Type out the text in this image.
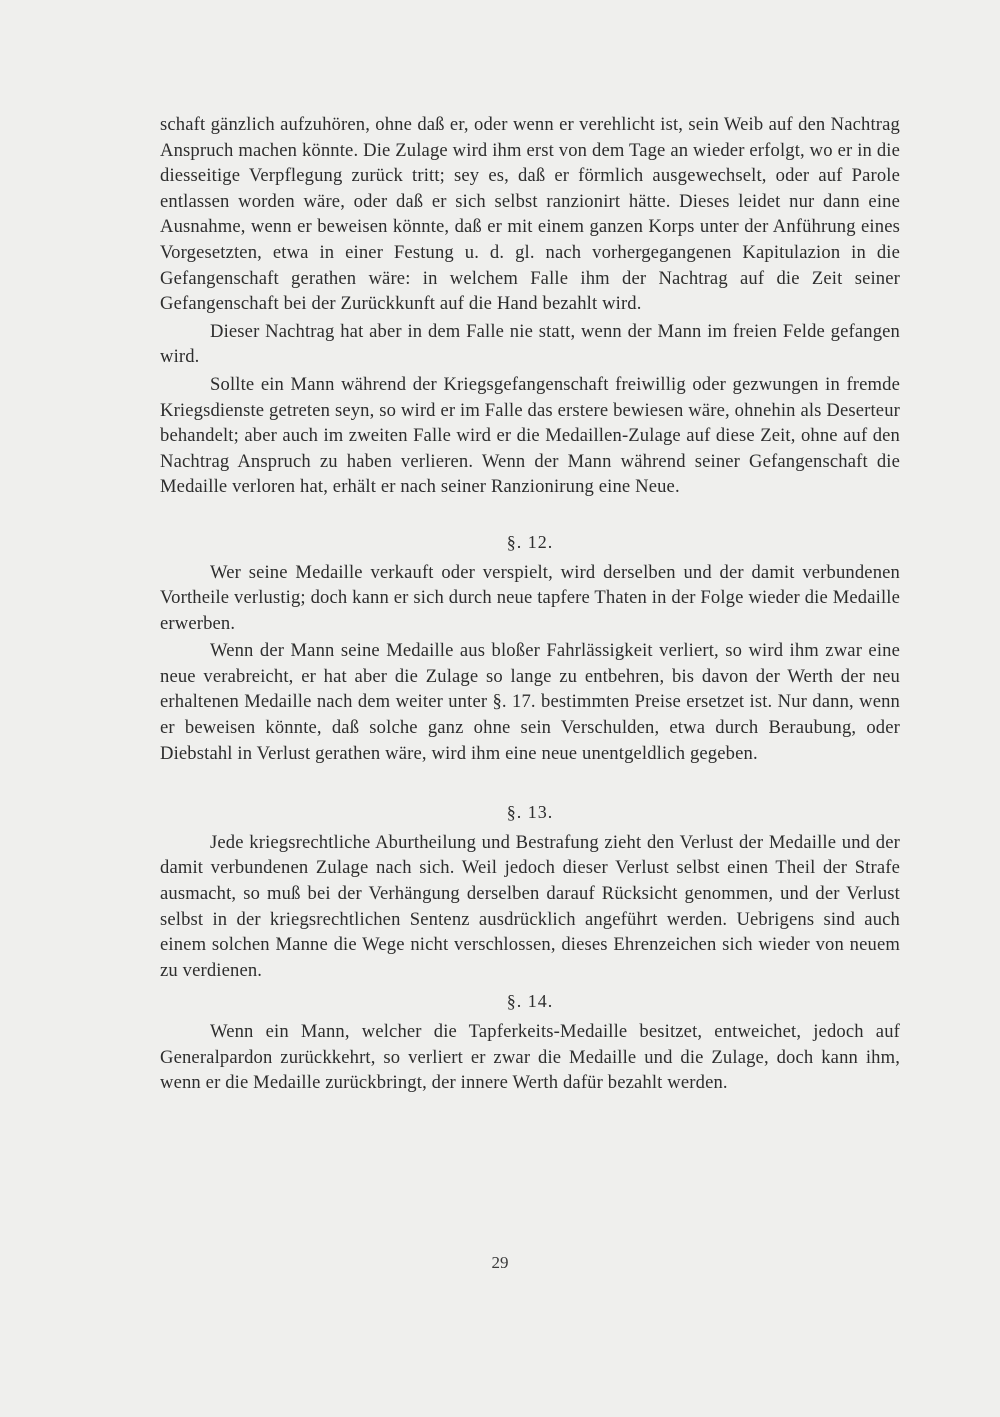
schaft gänzlich aufzuhören, ohne daß er, oder wenn er verehlicht ist, sein Weib auf den Nachtrag Anspruch machen könnte. Die Zulage wird ihm erst von dem Tage an wieder erfolgt, wo er in die diesseitige Verpflegung zurück tritt; sey es, daß er förmlich ausgewechselt, oder auf Parole entlassen worden wäre, oder daß er sich selbst ranzionirt hätte. Dieses leidet nur dann eine Ausnahme, wenn er beweisen könnte, daß er mit einem ganzen Korps unter der Anführung eines Vorgesetzten, etwa in einer Festung u. d. gl. nach vorhergegangenen Kapitulazion in die Gefangenschaft gerathen wäre: in welchem Falle ihm der Nachtrag auf die Zeit seiner Gefangenschaft bei der Zurückkunft auf die Hand bezahlt wird.

Dieser Nachtrag hat aber in dem Falle nie statt, wenn der Mann im freien Felde gefangen wird.

Sollte ein Mann während der Kriegsgefangenschaft freiwillig oder gezwungen in fremde Kriegsdienste getreten seyn, so wird er im Falle das erstere bewiesen wäre, ohnehin als Deserteur behandelt; aber auch im zweiten Falle wird er die Medaillen-Zulage auf diese Zeit, ohne auf den Nachtrag Anspruch zu haben verlieren. Wenn der Mann während seiner Gefangenschaft die Medaille verloren hat, erhält er nach seiner Ranzionirung eine Neue.

§. 12.

Wer seine Medaille verkauft oder verspielt, wird derselben und der damit verbundenen Vortheile verlustig; doch kann er sich durch neue tapfere Thaten in der Folge wieder die Medaille erwerben.

Wenn der Mann seine Medaille aus bloßer Fahrlässigkeit verliert, so wird ihm zwar eine neue verabreicht, er hat aber die Zulage so lange zu entbehren, bis davon der Werth der neu erhaltenen Medaille nach dem weiter unter §. 17. bestimmten Preise ersetzet ist. Nur dann, wenn er beweisen könnte, daß solche ganz ohne sein Verschulden, etwa durch Beraubung, oder Diebstahl in Verlust gerathen wäre, wird ihm eine neue unentgeldlich gegeben.

§. 13.

Jede kriegsrechtliche Aburtheilung und Bestrafung zieht den Verlust der Medaille und der damit verbundenen Zulage nach sich. Weil jedoch dieser Verlust selbst einen Theil der Strafe ausmacht, so muß bei der Verhängung derselben darauf Rücksicht genommen, und der Verlust selbst in der kriegsrechtlichen Sentenz ausdrücklich angeführt werden. Uebrigens sind auch einem solchen Manne die Wege nicht verschlossen, dieses Ehrenzeichen sich wieder von neuem zu verdienen.

§. 14.

Wenn ein Mann, welcher die Tapferkeits-Medaille besitzet, entweichet, jedoch auf Generalpardon zurückkehrt, so verliert er zwar die Medaille und die Zulage, doch kann ihm, wenn er die Medaille zurückbringt, der innere Werth dafür bezahlt werden.

29
